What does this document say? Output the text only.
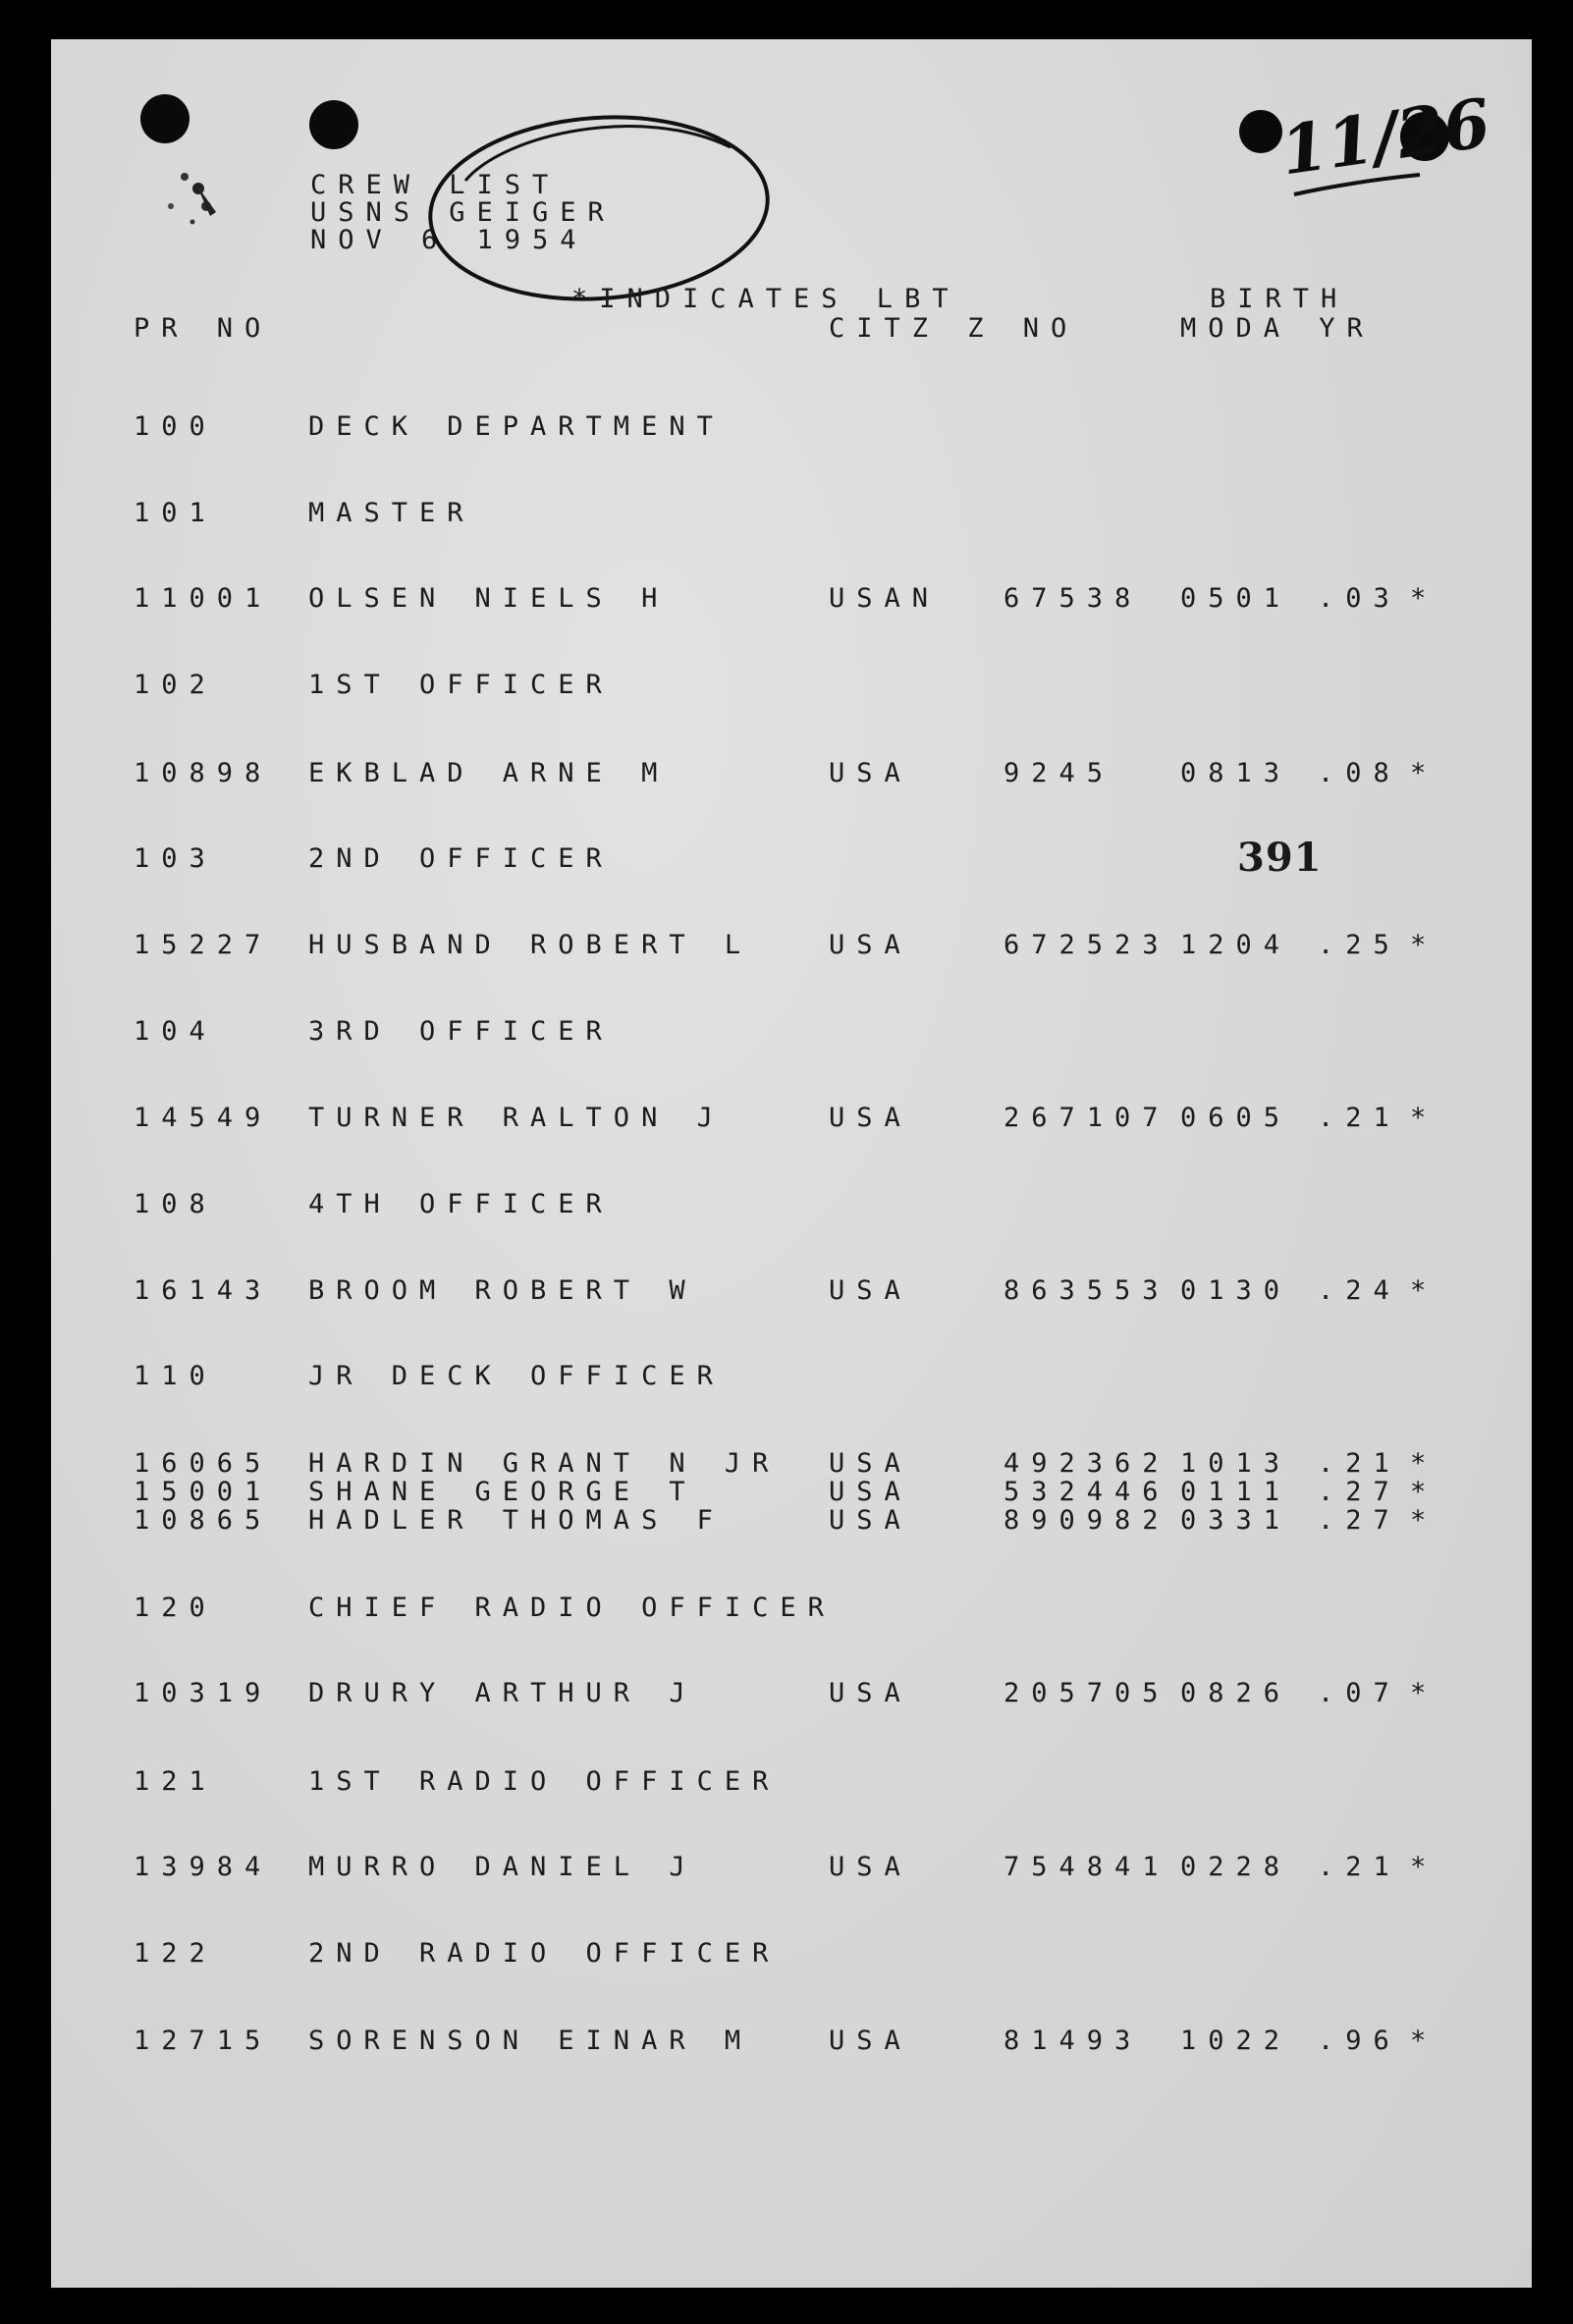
11/26
CREW LIST
USNS GEIGER
NOV 6 1954
*INDICATES LBT	BIRTH
PR NO	CITZ Z NO	MODA YR
391
100	DECK DEPARTMENT
101	MASTER
11001 OLSEN NIELS H	USAN 67538 0501 .03 *
102	1ST OFFICER
10898 EKBLAD ARNE M	USA	9245 0813 .08 *
103	2ND OFFICER
15227 HUSBAND ROBERT L	USA	672523 1204 .25 *
104	3RD OFFICER
14549 TURNER RALTON J	USA	267107 0605 .21 *
108	4TH OFFICER
16143 BROOM ROBERT W	USA	863553 0130 .24 *
110	JR DECK OFFICER
16065 HARDIN GRANT N JR USA	492362 1013 .21 *
15001 SHANE GEORGE T	USA	532446 0111 .27 *
10865 HADLER THOMAS F	USA	890982 0331 .27 *
120	CHIEF RADIO OFFICER
10319 DRURY ARTHUR J	USA	205705 0826 .07 *
121	1ST RADIO OFFICER
13984 MURRO DANIEL J	USA	754841 0228 .21 *
122	2ND RADIO OFFICER
12715 SORENSON EINAR M	USA	81493 1022 .96 *
